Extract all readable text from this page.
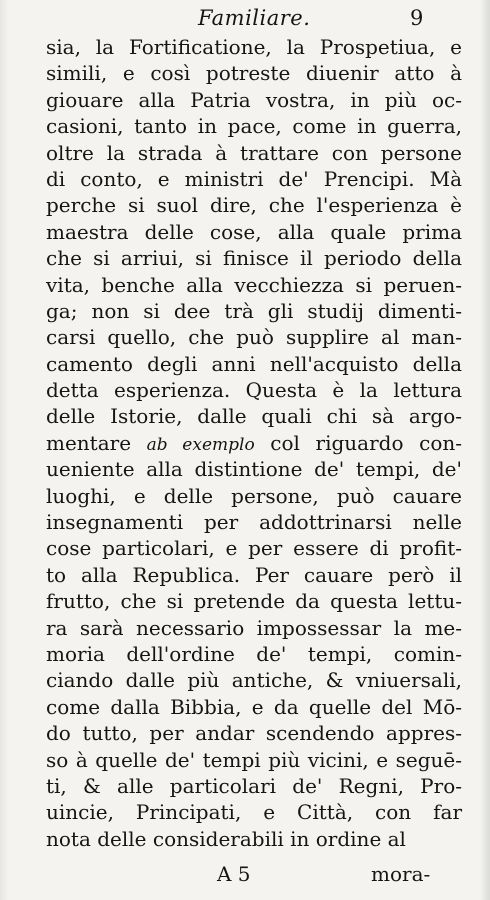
Familiare.	9
sia, la Fortificatione, la Prospetiua, e
simili, e così potreste diuenir atto à
giouare alla Patria vostra, in più oc-
casioni, tanto in pace, come in guerra,
oltre la strada à trattare con persone
di conto, e ministri de' Prencipi. Mà
perche si suol dire, che l'esperienza è
maestra delle cose, alla quale prima
che si arriui, si finisce il periodo della
vita, benche alla vecchiezza si peruen-
ga; non si dee trà gli studij dimenti-
carsi quello, che può supplire al man-
camento degli anni nell'acquisto della
detta esperienza. Questa è la lettura
delle Istorie, dalle quali chi sà argo-
mentare ab exemplo col riguardo con-
ueniente alla distintione de' tempi, de'
luoghi, e delle persone, può cauare
insegnamenti per addottrinarsi nelle
cose particolari, e per essere di profit-
to alla Republica. Per cauare però il
frutto, che si pretende da questa lettu-
ra sarà necessario impossessar la me-
moria dell'ordine de' tempi, comin-
ciando dalle più antiche, & vniuersali,
come dalla Bibbia, e da quelle del Mō-
do tutto, per andar scendendo appres-
so à quelle de' tempi più vicini, e seguē-
ti, & alle particolari de' Regni, Pro-
uincie, Principati, e Città, con far
nota delle considerabili in ordine al
A 5	mora-
